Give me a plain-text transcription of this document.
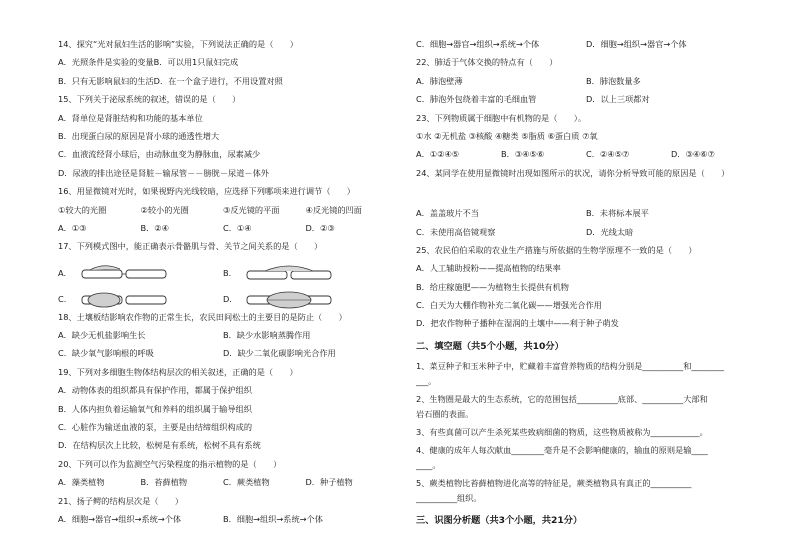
14、探究“光对鼠妇生活的影响”实验，下列说法正确的是（　　）
A．光照条件是实验的变量B．可以用1只鼠妇完成
B．只有无影响鼠妇的生活D．在一个盒子进行，不用设置对照
15、下列关于泌尿系统的叙述，错误的是（　　）
A．肾单位是肾脏结构和功能的基本单位
B．出现蛋白尿的原因是肾小球的通透性增大
C．血液流经肾小球后，由动脉血变为静脉血，尿素减少
D．尿液的排出途径是肾脏－输尿管－－膀胱－尿道－体外
16、用显微镜对光时，如果视野内光线较暗，应选择下列哪项来进行调节（　　）
①较大的光圈	②较小的光圈	③反光镜的平面	④反光镜的凹面
A．①③	B．②④	C．①④	D．②③
17、下列模式图中，能正确表示骨骼肌与骨、关节之间关系的是（　　）
A.	B.
C.	D.
18、土壤板结影响农作物的正常生长，农民田间松土的主要目的是防止（　　）
A．缺少无机盐影响生长	B．缺少水影响蒸腾作用
C．缺少氧气影响根的呼吸	D．缺少二氧化碳影响光合作用
19、下列对多细胞生物体结构层次的相关叙述，正确的是（　　）
A．动物体表的组织都具有保护作用，都属于保护组织
B．人体内担负着运输氧气和养料的组织属于输导组织
C．心脏作为输送血液的泵，主要是由结缔组织构成的
D．在结构层次上比较，松树是有系统，松树不具有系统
20、下列可以作为监测空气污染程度的指示植物的是（　　）
A．藻类植物	B．苔藓植物	C．蕨类植物	D．种子植物
21、扬子鳄的结构层次是（　　）
A．细胞→器官→组织→系统→个体	B．细胞→组织→系统→个体
C．细胞→器官→组织→系统→个体	D．细胞→组织→器官→个体
22、肺适于气体交换的特点有（　　）
A．肺泡壁薄	B．肺泡数量多
C．肺泡外包绕着丰富的毛细血管	D．以上三项都对
23、下列物质属于细胞中有机物的是（　　）。
①水 ②无机盐 ③核酸 ④糖类 ⑤脂质 ⑥蛋白质 ⑦氧
A．①②④⑤	B．③④⑤⑥	C．②④⑤⑦	D．③④⑥⑦
24、某同学在使用显微镜时出现如图所示的状况，请你分析导致可能的原因是（　　）
A．盖盖玻片不当	B．未将标本展平
C．未使用高倍镜观察	D．光线太暗
25、农民伯伯采取的农业生产措施与所依据的生物学原理不一致的是（　　）
A．人工辅助授粉——提高植物的结果率
B．给庄稼施肥——为植物生长提供有机物
C．白天为大棚作物补充二氧化碳——增强光合作用
D．把农作物种子播种在湿润的土壤中——利于种子萌发
二、填空题（共5个小题，共10分）
1、菜豆种子和玉米种子中，贮藏着丰富营养物质的结构分别是__________和________
___。
2、生物圈是最大的生态系统，它的范围包括__________底部、__________大部和
岩石圈的表面。
3、有些真菌可以产生杀死某些致病细菌的物质，这些物质被称为____________。
4、健康的成年人每次献血________毫升是不会影响健康的，输血的原则是输____
____。
5、蕨类植物比苔藓植物进化高等的特征是，蕨类植物具有真正的__________
__________组织。
三、识图分析题（共3个小题，共21分）
